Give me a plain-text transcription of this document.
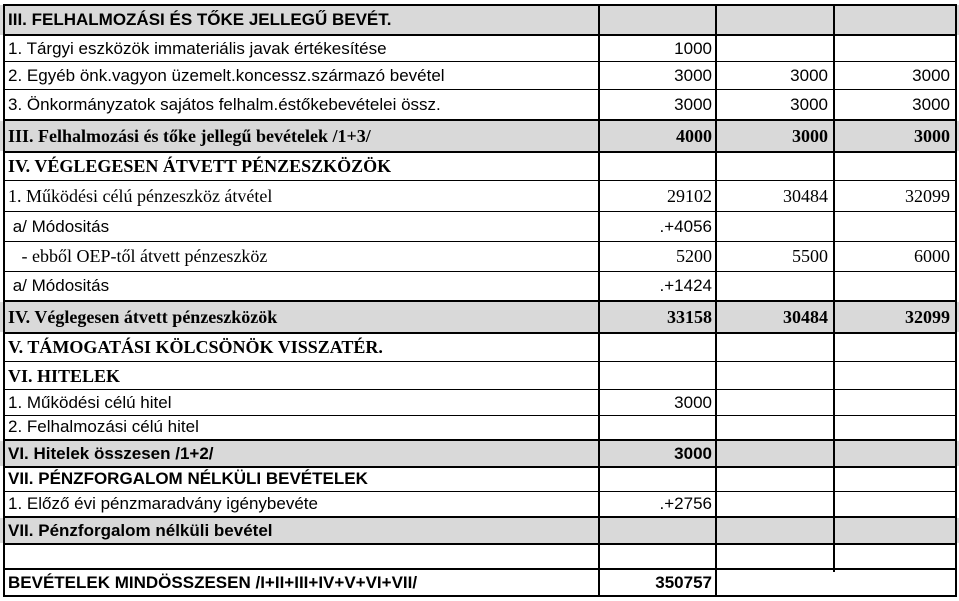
III. FELHALMOZÁSI ÉS TŐKE JELLEGŰ BEVÉT.
1. Tárgyi eszközök immateriális javak értékesítése	1000
2. Egyéb önk.vagyon üzemelt.koncessz.származó bevétel	3000	3000	3000
3. Önkormányzatok sajátos felhalm.éstőkebevételei össz.	3000	3000	3000
III. Felhalmozási és tőke jellegű bevételek /1+3/	4000	3000	3000
IV. VÉGLEGESEN ÁTVETT PÉNZESZKÖZÖK
1. Működési célú pénzeszköz átvétel	29102	30484	32099
a/ Módositás	.+4056
- ebből OEP-től átvett pénzeszköz	5200	5500	6000
a/ Módositás	.+1424
IV. Véglegesen átvett pénzeszközök	33158	30484	32099
V. TÁMOGATÁSI KÖLCSÖNÖK VISSZATÉR.
VI. HITELEK
1. Működési célú hitel	3000
2. Felhalmozási célú hitel
VI. Hitelek összesen /1+2/	3000
VII. PÉNZFORGALOM NÉLKÜLI BEVÉTELEK
1. Előző évi pénzmaradvány igénybevéte	.+2756
VII. Pénzforgalom nélküli bevétel
BEVÉTELEK MINDÖSSZESEN /I+II+III+IV+V+VI+VII/	350757
